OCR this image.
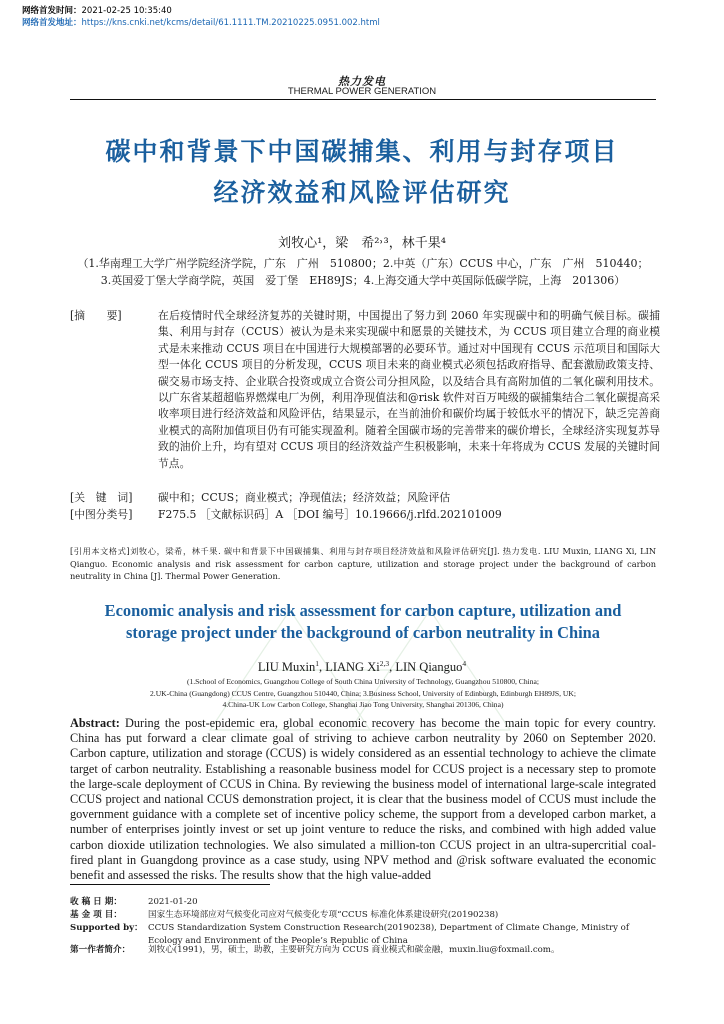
网络首发时间：2021-02-25 10:35:40
网络首发地址：https://kns.cnki.net/kcms/detail/61.1111.TM.20210225.0951.002.html
热力发电
THERMAL POWER GENERATION
碳中和背景下中国碳捕集、利用与封存项目
经济效益和风险评估研究
刘牧心¹，梁　希²˒³，林千果⁴
（1.华南理工大学广州学院经济学院，广东　广州　510800；2.中英（广东）CCUS 中心，广东　广州　510440；
3.英国爱丁堡大学商学院，英国　爱丁堡　EH89JS；4.上海交通大学中英国际低碳学院，上海　201306）
[摘　　要]	在后疫情时代全球经济复苏的关键时期，中国提出了努力到 2060 年实现碳中和的明确气候目标。碳捕集、利用与封存（CCUS）被认为是未来实现碳中和愿景的关键技术，为 CCUS 项目建立合理的商业模式是未来推动 CCUS 项目在中国进行大规模部署的必要环节。通过对中国现有 CCUS 示范项目和国际大型一体化 CCUS 项目的分析发现，CCUS 项目未来的商业模式必须包括政府指导、配套激励政策支持、碳交易市场支持、企业联合投资或成立合资公司分担风险，以及结合具有高附加值的二氧化碳利用技术。以广东省某超超临界燃煤电厂为例，利用净现值法和@risk 软件对百万吨级的碳捕集结合二氧化碳提高采收率项目进行经济效益和风险评估，结果显示，在当前油价和碳价均属于较低水平的情况下，缺乏完善商业模式的高附加值项目仍有可能实现盈利。随着全国碳市场的完善带来的碳价增长，全球经济实现复苏导致的油价上升，均有望对 CCUS 项目的经济效益产生积极影响，未来十年将成为 CCUS 发展的关键时间节点。
[关　键　词]	碳中和；CCUS；商业模式；净现值法；经济效益；风险评估
[中图分类号]	F275.5 ［文献标识码］A ［DOI 编号］10.19666/j.rlfd.202101009
[引用本文格式]刘牧心，梁希，林千果. 碳中和背景下中国碳捕集、利用与封存项目经济效益和风险评估研究[J]. 热力发电. LIU Muxin, LIANG Xi, LIN Qianguo. Economic analysis and risk assessment for carbon capture, utilization and storage project under the background of carbon neutrality in China [J]. Thermal Power Generation.
Economic analysis and risk assessment for carbon capture, utilization and
storage project under the background of carbon neutrality in China
LIU Muxin$^1$, LIANG Xi$^{2,3}$, LIN Qianguo$^4$
(1.School of Economics, Guangzhou College of South China University of Technology, Guangzhou 510800, China;
2.UK-China (Guangdong) CCUS Centre, Guangzhou 510440, China; 3.Business School, University of Edinburgh, Edinburgh EH89JS, UK;
4.China-UK Low Carbon College, Shanghai Jiao Tong University, Shanghai 201306, China)
Abstract: During the post-epidemic era, global economic recovery has become the main topic for every country. China has put forward a clear climate goal of striving to achieve carbon neutrality by 2060 on September 2020. Carbon capture, utilization and storage (CCUS) is widely considered as an essential technology to achieve the climate target of carbon neutrality. Establishing a reasonable business model for CCUS project is a necessary step to promote the large-scale deployment of CCUS in China. By reviewing the business model of international large-scale integrated CCUS project and national CCUS demonstration project, it is clear that the business model of CCUS must include the government guidance with a complete set of incentive policy scheme, the support from a developed carbon market, a number of enterprises jointly invest or set up joint venture to reduce the risks, and combined with high added value carbon dioxide utilization technologies. We also simulated a million-ton CCUS project in an ultra-supercritial coal-fired plant in Guangdong province as a case study, using NPV method and @risk software evaluated the economic benefit and assessed the risks. The results show that the high value-added
收 稿 日 期：	2021-01-20
基 金 项 目：	国家生态环境部应对气候变化司应对气候变化专项“CCUS 标准化体系建设研究(20190238)
Supported by： CCUS Standardization System Construction Research(20190238), Department of Climate Change, Ministry of Ecology and Environment of the People’s Republic of China
第一作者简介：	刘牧心(1991)，男，硕士，助教，主要研究方向为 CCUS 商业模式和碳金融，muxin.liu@foxmail.com。
